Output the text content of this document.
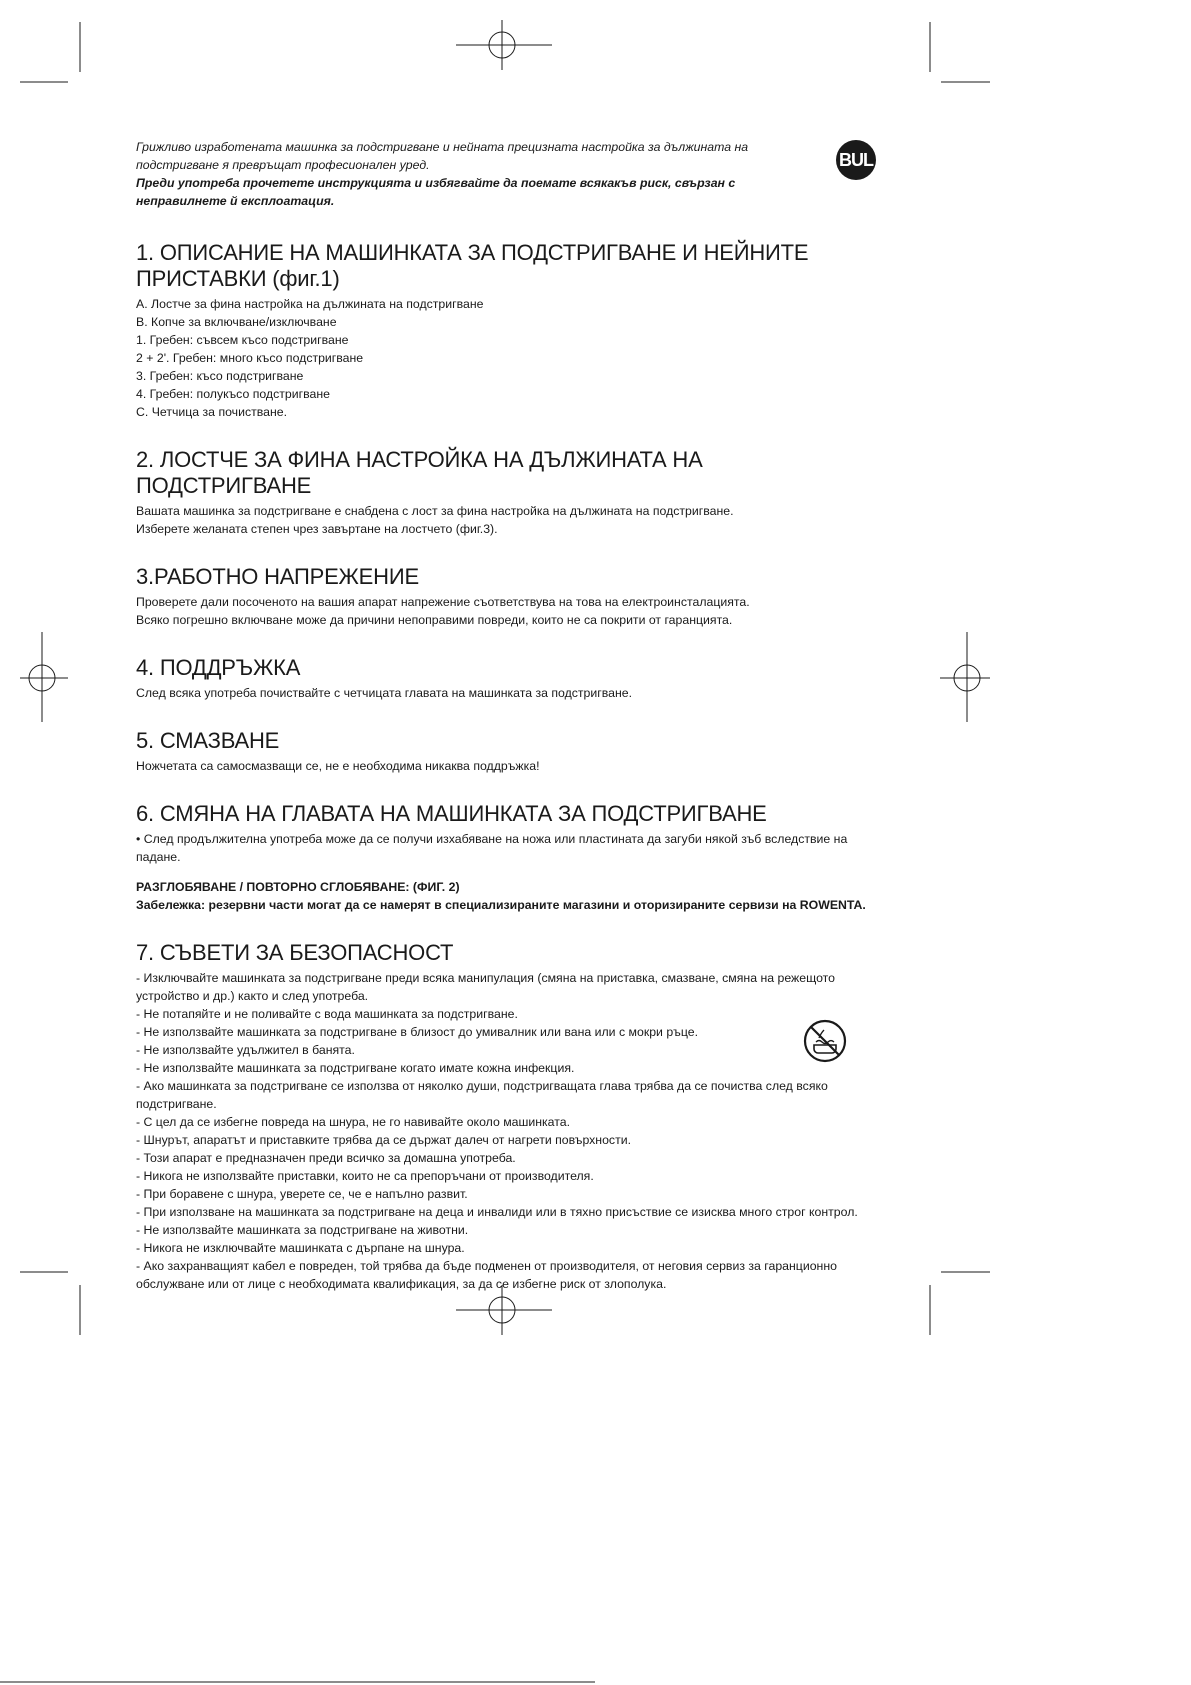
BUL

Грижливо изработената машинка за подстригване и нейната прецизната настройка за дължината на подстригване я превръщат професионален уред.

Преди употреба прочетете инструкцията и избягвайте да поемате всякакъв риск, свързан с неправилнете й експлоатация.

1. ОПИСАНИЕ НА МАШИНКАТА ЗА ПОДСТРИГВАНЕ И НЕЙНИТЕ ПРИСТАВКИ (фиг.1)

A. Лостче за фина настройка на дължината на подстригване

B. Копче за включване/изключване

1. Гребен: съвсем късо подстригване

2 + 2'. Гребен: много късо подстригване

3. Гребен: късо подстригване

4. Гребен: полукъсо подстригване

C. Четчица за почистване.

2. ЛОСТЧЕ ЗА ФИНА НАСТРОЙКА НА ДЪЛЖИНАТА НА ПОДСТРИГВАНЕ

Вашата машинка за подстригване е снабдена с лост за фина настройка на дължината на подстригване.

Изберете желаната степен чрез завъртане на лостчето (фиг.3).

3.РАБОТНО НАПРЕЖЕНИЕ

Проверете дали посоченото на вашия апарат напрежение съответствува на това на електроинсталацията.

Всяко погрешно включване може да причини непоправими повреди, които не са покрити от гаранцията.

4. ПОДДРЪЖКА

След всяка употреба почиствайте с четчицата главата на машинката за подстригване.

5. СМАЗВАНЕ

Ножчетата са самосмазващи се, не е необходима никаква поддръжка!

6. СМЯНА НА ГЛАВАТА НА МАШИНКАТА ЗА ПОДСТРИГВАНЕ

• След продължителна употреба може да се получи изхабяване на ножа или пластината да загуби някой зъб вследствие на падане.

РАЗГЛОБЯВАНЕ / ПОВТОРНО СГЛОБЯВАНЕ: (ФИГ. 2)

Забележка: резервни части могат да се намерят в специализираните магазини и оторизираните сервизи на ROWENTA.

7. СЪВЕТИ ЗА БЕЗОПАСНОСТ

- Изключвайте машинката за подстригване преди всяка манипулация (смяна на приставка, смазване, смяна на режещото устройство и др.) както и след употреба.

- Не потапяйте и не поливайте с вода машинката за подстригване.

- Не използвайте машинката за подстригване в близост до умивалник или вана или с мокри ръце.

- Не използвайте удължител в банята.

- Не използвайте машинката за подстригване когато имате кожна инфекция.

- Ако машинката за подстригване се използва от няколко души, подстригващата глава трябва да се почиства след всяко подстригване.

- С цел да се избегне повреда на шнура, не го навивайте около машинката.

- Шнурът, апаратът и приставките трябва да се държат далеч от нагрети повърхности.

- Този апарат е предназначен преди всичко за домашна употреба.

- Никога не използвайте приставки, които не са препоръчани от производителя.

- При боравене с шнура, уверете се, че е напълно развит.

- При използване на машинката за подстригване на деца и инвалиди или в тяхно присъствие се изисква много строг контрол.

- Не използвайте машинката за подстригване на животни.

- Никога не изключвайте машинката с дърпане на шнура.

- Ако захранващият кабел е повреден, той трябва да бъде подменен от производителя, от неговия сервиз за гаранционно обслужване или от лице с необходимата квалификация, за да се избегне риск от злополука.
